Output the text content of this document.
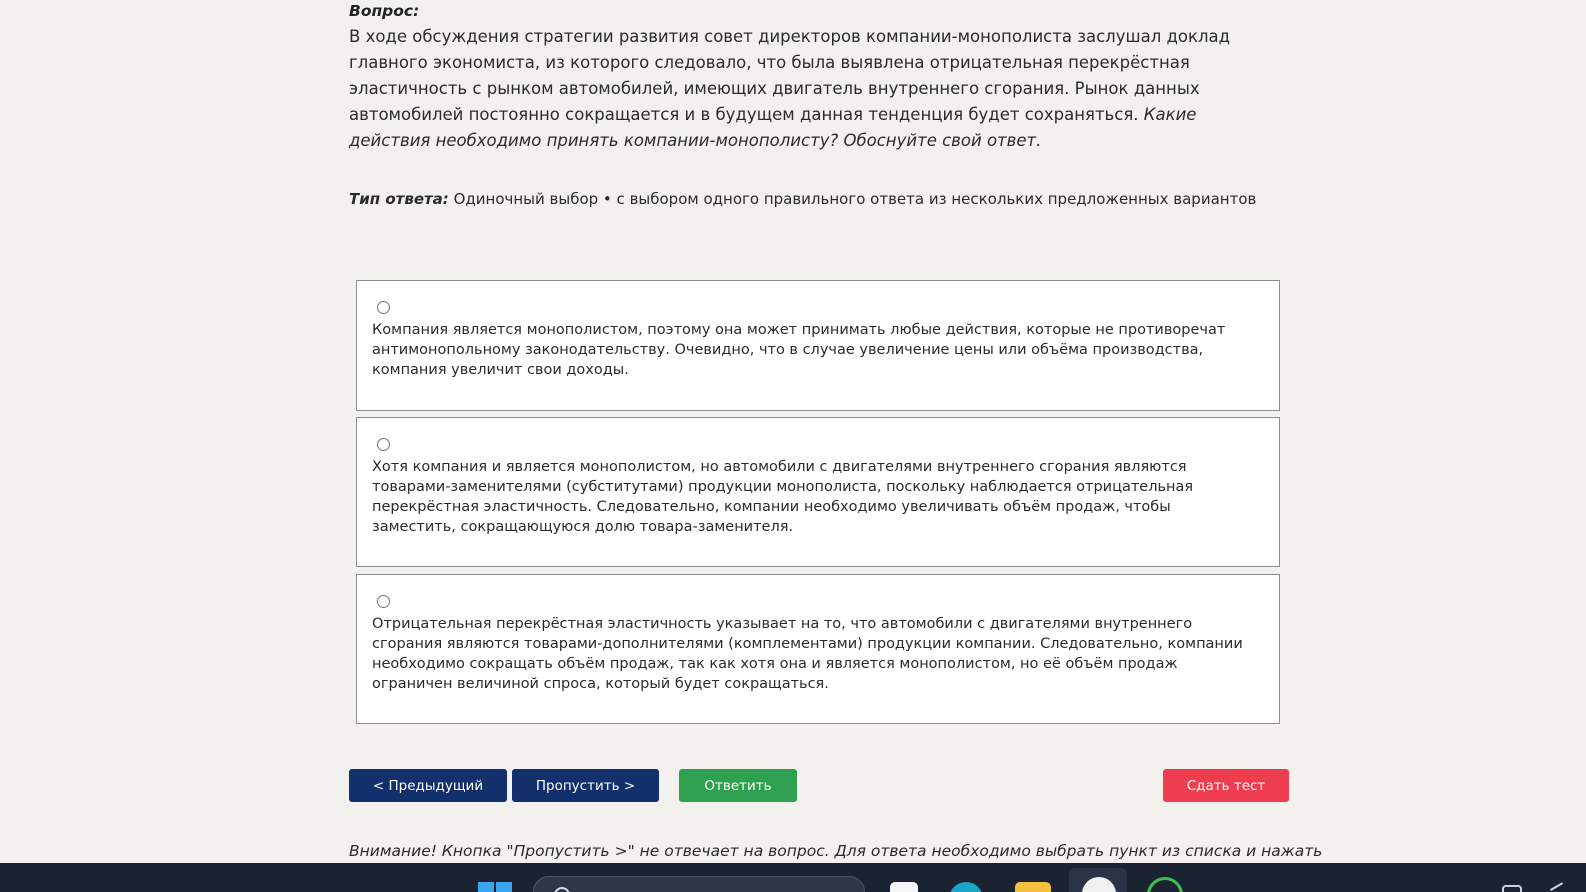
Вопрос:
В ходе обсуждения стратегии развития совет директоров компании-монополиста заслушал доклад главного экономиста, из которого следовало, что была выявлена отрицательная перекрёстная эластичность с рынком автомобилей, имеющих двигатель внутреннего сгорания. Рынок данных автомобилей постоянно сокращается и в будущем данная тенденция будет сохраняться. Какие действия необходимо принять компании-монополисту? Обоснуйте свой ответ.
Тип ответа: Одиночный выбор • с выбором одного правильного ответа из нескольких предложенных вариантов
Компания является монополистом, поэтому она может принимать любые действия, которые не противоречат антимонопольному законодательству. Очевидно, что в случае увеличение цены или объёма производства, компания увеличит свои доходы.
Хотя компания и является монополистом, но автомобили с двигателями внутреннего сгорания являются товарами-заменителями (субститутами) продукции монополиста, поскольку наблюдается отрицательная перекрёстная эластичность. Следовательно, компании необходимо увеличивать объём продаж, чтобы заместить, сокращающуюся долю товара-заменителя.
Отрицательная перекрёстная эластичность указывает на то, что автомобили с двигателями внутреннего сгорания являются товарами-дополнителями (комплементами) продукции компании. Следовательно, компании необходимо сокращать объём продаж, так как хотя она и является монополистом, но её объём продаж ограничен величиной спроса, который будет сокращаться.
< Предыдущий	Пропустить >	Ответить	Сдать тест
Внимание! Кнопка "Пропустить >" не отвечает на вопрос. Для ответа необходимо выбрать пункт из списка и нажать
